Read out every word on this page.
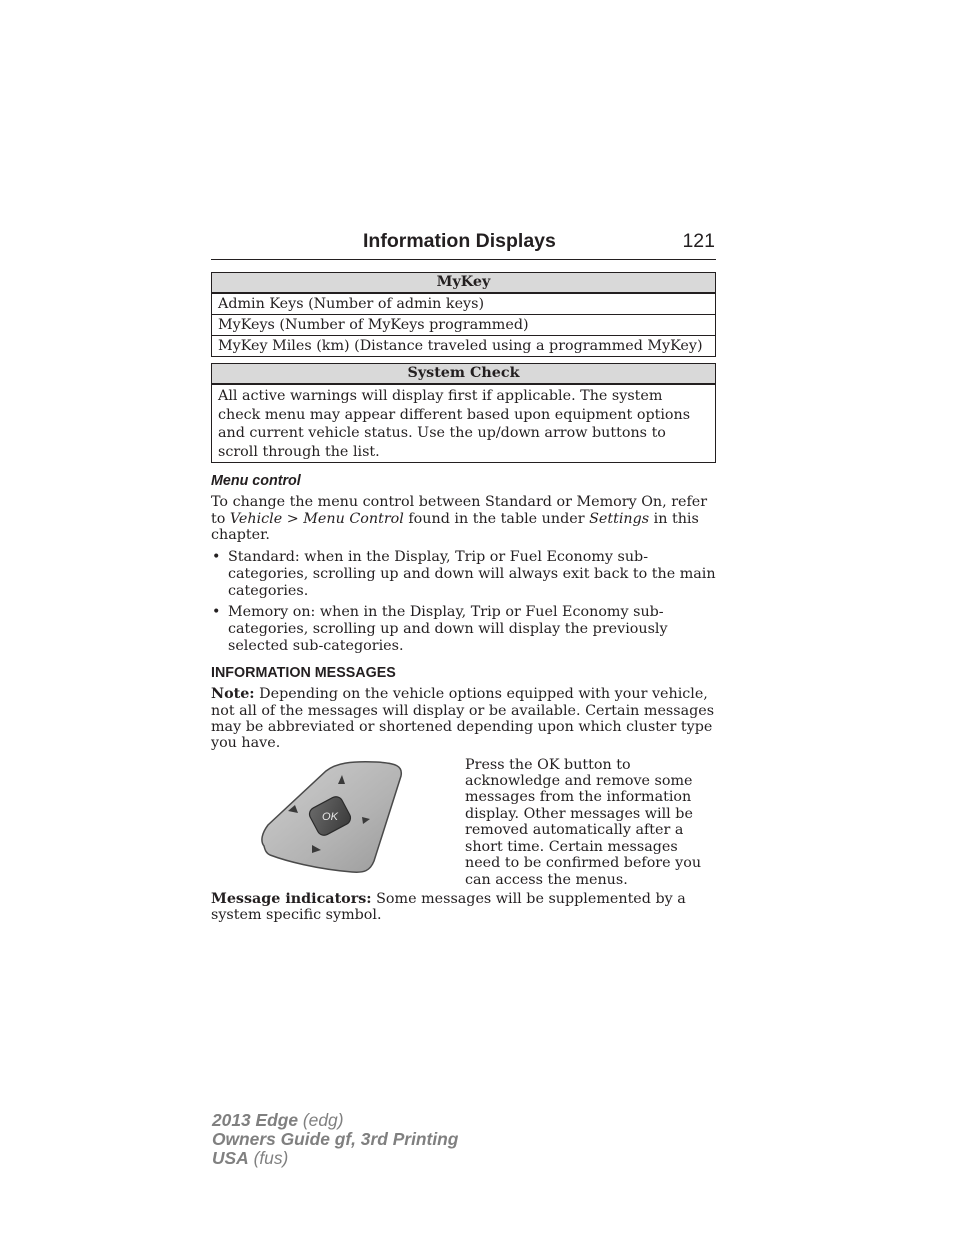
Information Displays	121
MyKey
Admin Keys (Number of admin keys)
MyKeys (Number of MyKeys programmed)
MyKey Miles (km) (Distance traveled using a programmed MyKey)
System Check
All active warnings will display first if applicable. The system check menu may appear different based upon equipment options and current vehicle status. Use the up/down arrow buttons to scroll through the list.
Menu control

To change the menu control between Standard or Memory On, refer to Vehicle > Menu Control found in the table under Settings in this chapter.

• Standard: when in the Display, Trip or Fuel Economy sub-categories, scrolling up and down will always exit back to the main categories.
• Memory on: when in the Display, Trip or Fuel Economy sub-categories, scrolling up and down will display the previously selected sub-categories.
INFORMATION MESSAGES

Note: Depending on the vehicle options equipped with your vehicle, not all of the messages will display or be available. Certain messages may be abbreviated or shortened depending upon which cluster type you have.

OK
Press the OK button to acknowledge and remove some messages from the information display. Other messages will be removed automatically after a short time. Certain messages need to be confirmed before you can access the menus.

Message indicators: Some messages will be supplemented by a system specific symbol.

2013 Edge (edg)
Owners Guide gf, 3rd Printing
USA (fus)
